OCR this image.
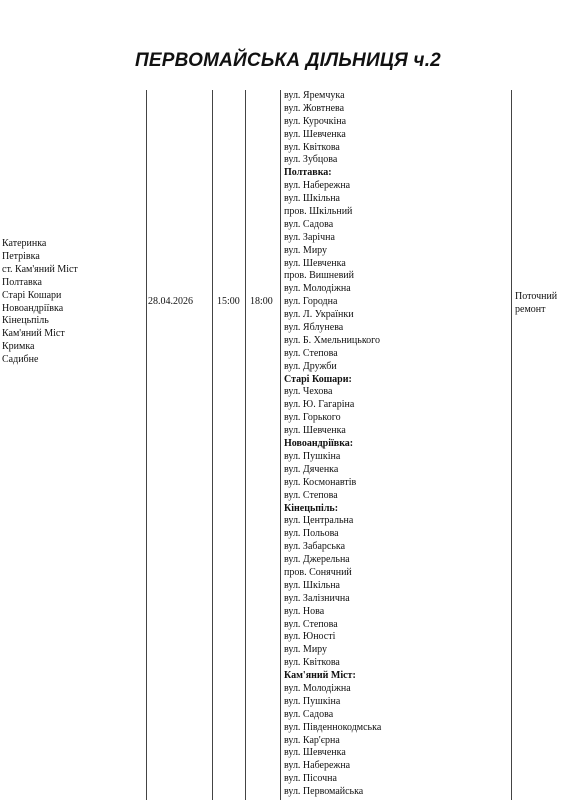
ПЕРВОМАЙСЬКА ДІЛЬНИЦЯ ч.2
Катеринка
Петрівка
ст. Кам'яний Міст
Полтавка
Старі Кошари
Новоандріївка
Кінецьпіль
Кам'яний Міст
Кримка
Садибне
28.04.2026 15:00 18:00
вул. Яремчука
вул. Жовтнева
вул. Курочкіна
вул. Шевченка
вул. Квіткова
вул. Зубцова
Полтавка:
вул. Набережна
вул. Шкільна
пров. Шкільний
вул. Садова
вул. Зарічна
вул. Миру
вул. Шевченка
пров. Вишневий
вул. Молодіжна
вул. Городна
вул. Л. Українки
вул. Яблунева
вул. Б. Хмельницького
вул. Степова
вул. Дружби
Старі Кошари:
вул. Чехова
вул. Ю. Гагаріна
вул. Горького
вул. Шевченка
Новоандріївка:
вул. Пушкіна
вул. Дяченка
вул. Космонавтів
вул. Степова
Кінецьпіль:
вул. Центральна
вул. Польова
вул. Забарська
вул. Джерельна
пров. Сонячний
вул. Шкільна
вул. Залізнична
вул. Нова
вул. Степова
вул. Юності
вул. Миру
вул. Квіткова
Кам'яний Міст:
вул. Молодіжна
вул. Пушкіна
вул. Садова
вул. Південнокодмська
вул. Кар'єрна
вул. Шевченка
вул. Набережна
вул. Пісочна
вул. Первомайська
Поточний
ремонт
